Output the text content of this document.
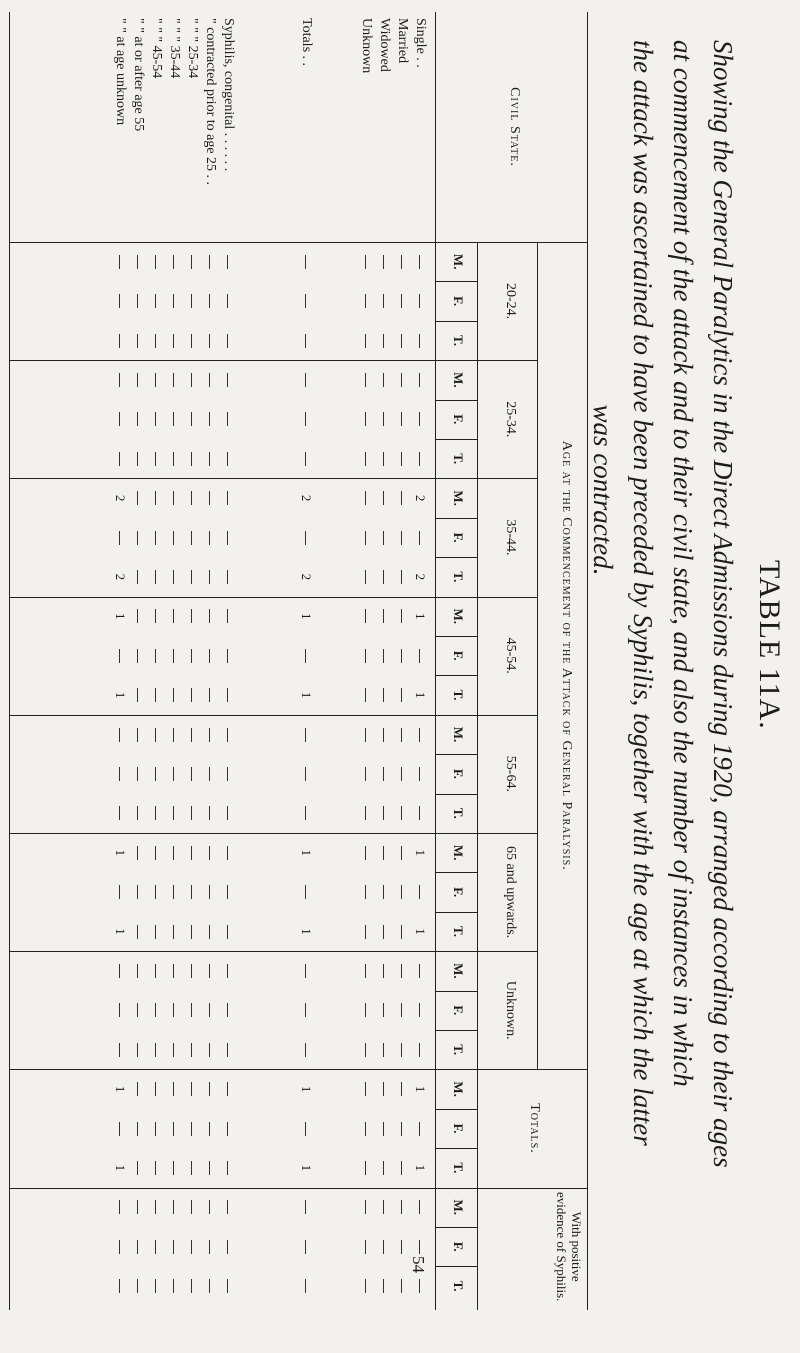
TABLE 11A.
Showing the General Paralytics in the Direct Admissions during 1920, arranged according to their ages
at commencement of the attack and to their civil state, and also the number of instances in which
the attack was ascertained to have been preceded by Syphilis, together with the age at which the latter
was contracted.
54
Civil State.
Age at the Commencement of the Attack of General Paralysis.
20-24.
25-34.
35-44.
45-54.
55-64.
65 and upwards.
Unknown.
Totals.
With positive evidence of Syphilis.
M.
F.
T.
M.
F.
T.
M.
F.
T.
M.
F.
T.
M.
F.
T.
M.
F.
T.
M.
F.
T.
M.
F.
T.
M.
F.
T.
Single . .
2
2
1
1
1
1
1
1
Married
Widowed
Unknown
Totals . .
2
2
1
1
1
1
1
1
Syphilis, congenital . . . . . .
" contracted prior to age 25 . .
" " " 25-34
" " " 35-44
" " " 45-54
" " at or after age 55
" " at age unknown
2
2
1
1
1
1
1
1
